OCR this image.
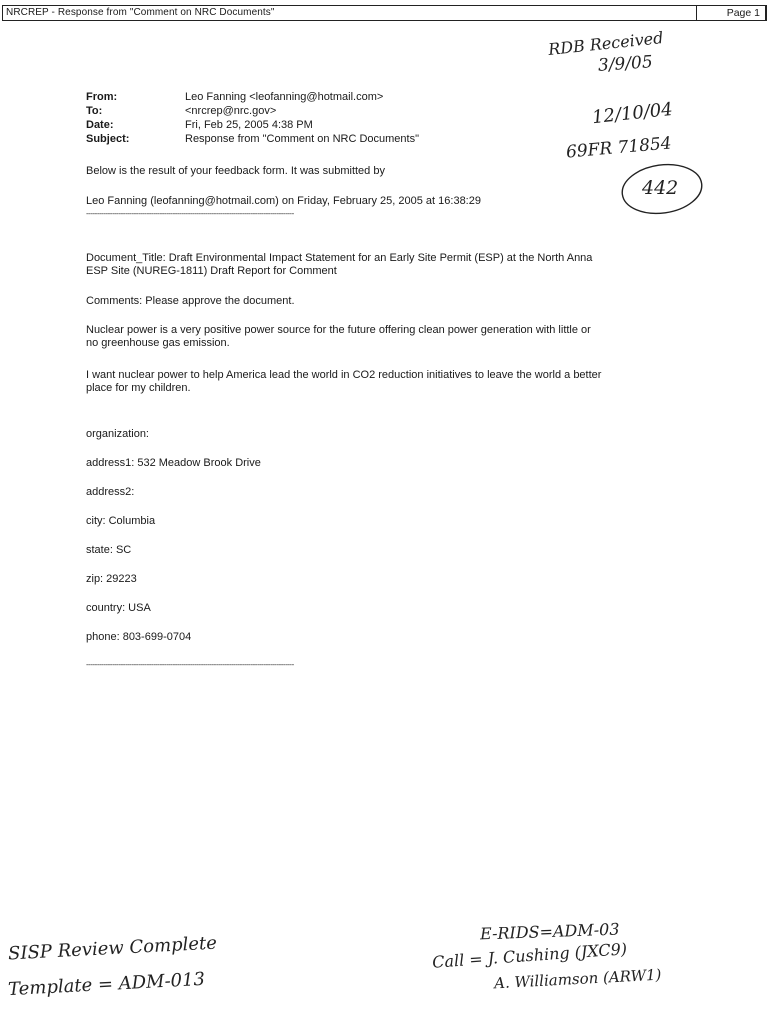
NRCREP - Response from "Comment on NRC Documents"	Page 1
From:	Leo Fanning <leofanning@hotmail.com>
To:	<nrcrep@nrc.gov>
Date:	Fri, Feb 25, 2005 4:38 PM
Subject:	Response from "Comment on NRC Documents"
Below is the result of your feedback form. It was submitted by
Leo Fanning (leofanning@hotmail.com) on Friday, February 25, 2005 at 16:38:29
------------------------------------------------------------------------------------------------
Document_Title: Draft Environmental Impact Statement for an Early Site Permit (ESP) at the North Anna
ESP Site (NUREG-1811) Draft Report for Comment
Comments: Please approve the document.
Nuclear power is a very positive power source for the future offering clean power generation with little or
no greenhouse gas emission.
I want nuclear power to help America lead the world in CO2 reduction initiatives to leave the world a better
place for my children.
organization:
address1: 532 Meadow Brook Drive
address2:
city: Columbia
state: SC
zip: 29223
country: USA
phone: 803-699-0704
------------------------------------------------------------------------------------------------
RDB Received
3/9/05
12/10/04
69FR 71854
442
SISP Review Complete
Template = ADM-013
E-RIDS=ADM-03
Call = J. Cushing (JXC9)
A. Williamson (ARW1)
